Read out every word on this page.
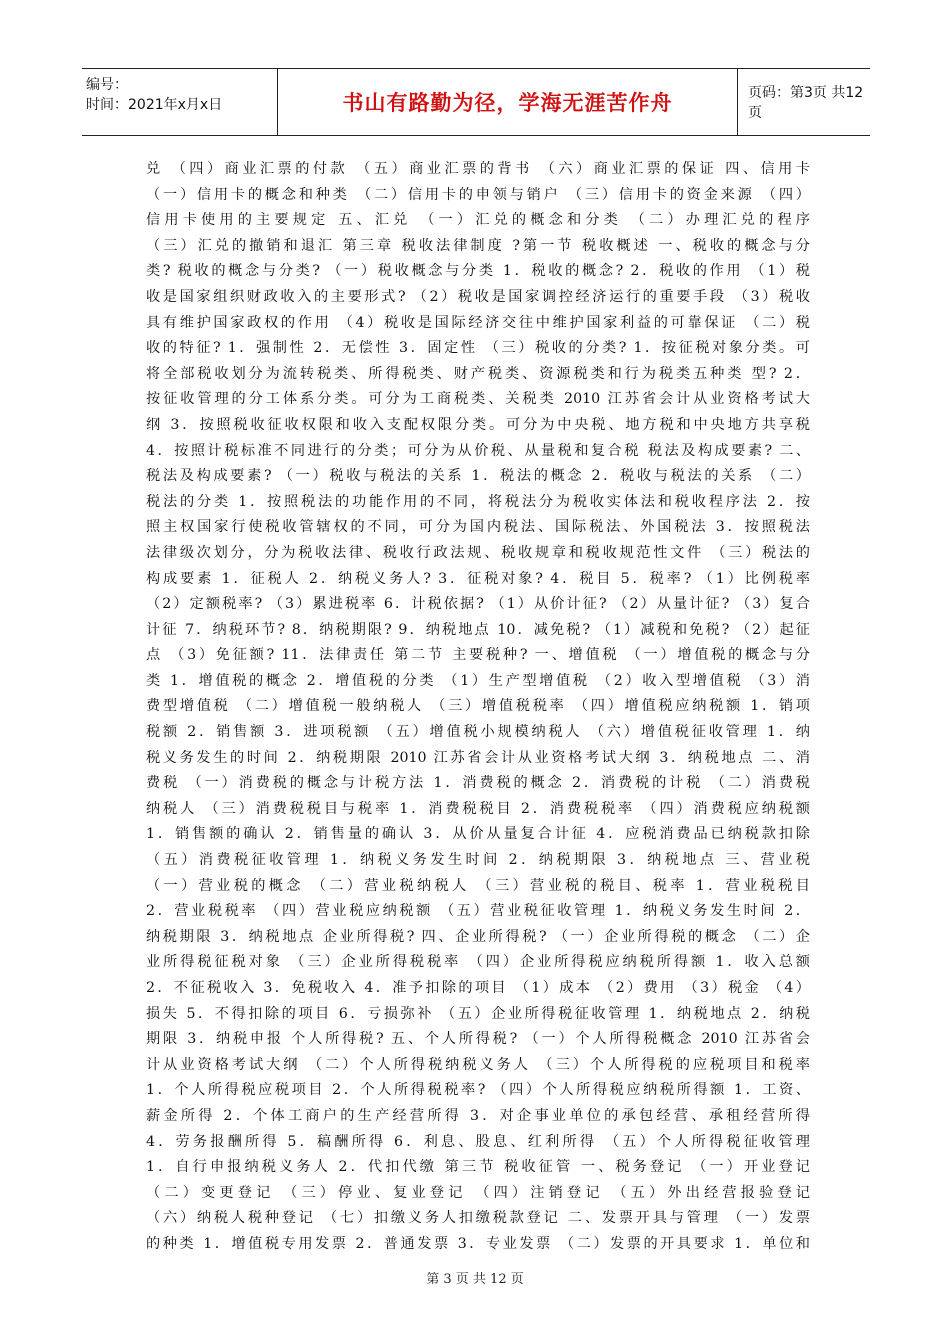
编号：
时间：2021年x月x日	书山有路勤为径，学海无涯苦作舟	页码：第3页 共12页
兑 （四）商业汇票的付款 （五）商业汇票的背书 （六）商业汇票的保证 四、信用卡
（一）信用卡的概念和种类 （二）信用卡的申领与销户 （三）信用卡的资金来源 （四）
信用卡使用的主要规定 五、汇兑 （一）汇兑的概念和分类 （二）办理汇兑的程序
（三）汇兑的撤销和退汇 第三章 税收法律制度 ?第一节 税收概述 一、税收的概念与分
类? 税收的概念与分类? （一）税收概念与分类 1．税收的概念? 2．税收的作用 （1）税
收是国家组织财政收入的主要形式? （2）税收是国家调控经济运行的重要手段 （3）税收
具有维护国家政权的作用 （4）税收是国际经济交往中维护国家利益的可靠保证 （二）税
收的特征? 1．强制性 2．无偿性 3．固定性 （三）税收的分类? 1．按征税对象分类。可
将全部税收划分为流转税类、所得税类、财产税类、资源税类和行为税类五种类 型? 2．
按征收管理的分工体系分类。可分为工商税类、关税类 2010 江苏省会计从业资格考试大
纲 3．按照税收征收权限和收入支配权限分类。可分为中央税、地方税和中央地方共享税
4．按照计税标准不同进行的分类；可分为从价税、从量税和复合税 税法及构成要素? 二、
税法及构成要素? （一）税收与税法的关系 1．税法的概念 2．税收与税法的关系 （二）
税法的分类 1．按照税法的功能作用的不同，将税法分为税收实体法和税收程序法 2．按
照主权国家行使税收管辖权的不同，可分为国内税法、国际税法、外国税法 3．按照税法
法律级次划分，分为税收法律、税收行政法规、税收规章和税收规范性文件 （三）税法的
构成要素 1．征税人 2．纳税义务人? 3．征税对象? 4．税目 5．税率? （1）比例税率
（2）定额税率? （3）累进税率 6．计税依据? （1）从价计征? （2）从量计征? （3）复合
计征 7．纳税环节? 8．纳税期限? 9．纳税地点 10．减免税? （1）减税和免税? （2）起征
点 （3）免征额? 11．法律责任 第二节 主要税种? 一、增值税 （一）增值税的概念与分
类 1．增值税的概念 2．增值税的分类 （1）生产型增值税 （2）收入型增值税 （3）消
费型增值税 （二）增值税一般纳税人 （三）增值税税率 （四）增值税应纳税额 1．销项
税额 2．销售额 3．进项税额 （五）增值税小规模纳税人 （六）增值税征收管理 1．纳
税义务发生的时间 2．纳税期限 2010 江苏省会计从业资格考试大纲 3．纳税地点 二、消
费税 （一）消费税的概念与计税方法 1．消费税的概念 2．消费税的计税 （二）消费税
纳税人 （三）消费税税目与税率 1．消费税税目 2．消费税税率 （四）消费税应纳税额
1．销售额的确认 2．销售量的确认 3．从价从量复合计征 4．应税消费品已纳税款扣除
（五）消费税征收管理 1．纳税义务发生时间 2．纳税期限 3．纳税地点 三、营业税
（一）营业税的概念 （二）营业税纳税人 （三）营业税的税目、税率 1．营业税税目
2．营业税税率 （四）营业税应纳税额 （五）营业税征收管理 1．纳税义务发生时间 2．
纳税期限 3．纳税地点 企业所得税? 四、企业所得税? （一）企业所得税的概念 （二）企
业所得税征税对象 （三）企业所得税税率 （四）企业所得税应纳税所得额 1．收入总额
2．不征税收入 3．免税收入 4．准予扣除的项目 （1）成本 （2）费用 （3）税金 （4）
损失 5．不得扣除的项目 6．亏损弥补 （五）企业所得税征收管理 1．纳税地点 2．纳税
期限 3．纳税申报 个人所得税? 五、个人所得税? （一）个人所得税概念 2010 江苏省会
计从业资格考试大纲 （二）个人所得税纳税义务人 （三）个人所得税的应税项目和税率
1．个人所得税应税项目 2．个人所得税税率? （四）个人所得税应纳税所得额 1．工资、
薪金所得 2．个体工商户的生产经营所得 3．对企事业单位的承包经营、承租经营所得
4．劳务报酬所得 5．稿酬所得 6．利息、股息、红利所得 （五）个人所得税征收管理
1．自行申报纳税义务人 2．代扣代缴 第三节 税收征管 一、税务登记 （一）开业登记
（二）变更登记 （三）停业、复业登记 （四）注销登记 （五）外出经营报验登记
（六）纳税人税种登记 （七）扣缴义务人扣缴税款登记 二、发票开具与管理 （一）发票
的种类 1．增值税专用发票 2．普通发票 3．专业发票 （二）发票的开具要求 1．单位和
第 3 页 共 12 页
